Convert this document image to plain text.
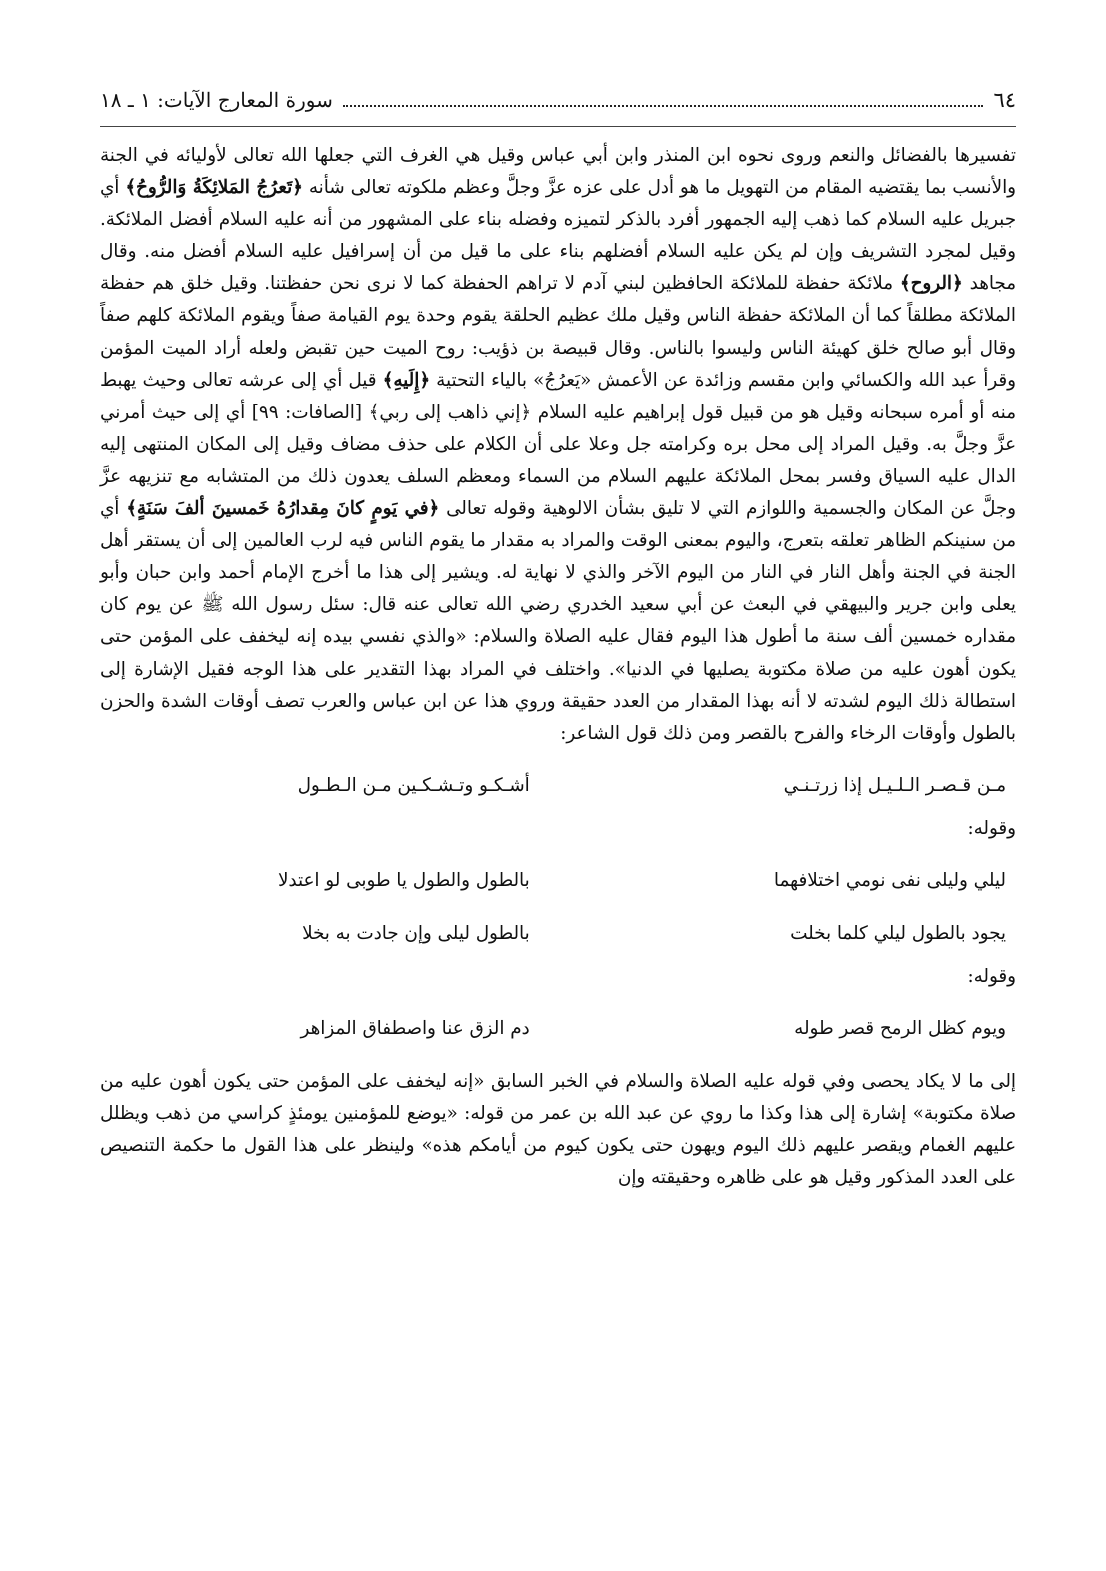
٦٤
سورة المعارج الآيات: ١ ـ ١٨

تفسيرها بالفضائل والنعم وروى نحوه ابن المنذر وابن أبي عباس وقيل هي الغرف التي جعلها الله تعالى لأوليائه في الجنة والأنسب بما يقتضيه المقام من التهويل ما هو أدل على عزه عزَّ وجلَّ وعظم ملكوته تعالى شأنه ﴿تَعرُجُ المَلائِكَةُ وَالرُّوحُ﴾ أي جبريل عليه السلام كما ذهب إليه الجمهور أفرد بالذكر لتميزه وفضله بناء على المشهور من أنه عليه السلام أفضل الملائكة. وقيل لمجرد التشريف وإن لم يكن عليه السلام أفضلهم بناء على ما قيل من أن إسرافيل عليه السلام أفضل منه. وقال مجاهد ﴿الروح﴾ ملائكة حفظة للملائكة الحافظين لبني آدم لا تراهم الحفظة كما لا نرى نحن حفظتنا. وقيل خلق هم حفظة الملائكة مطلقاً كما أن الملائكة حفظة الناس وقيل ملك عظيم الحلقة يقوم وحدة يوم القيامة صفاً ويقوم الملائكة كلهم صفاً وقال أبو صالح خلق كهيئة الناس وليسوا بالناس. وقال قبيصة بن ذؤيب: روح الميت حين تقبض ولعله أراد الميت المؤمن وقرأ عبد الله والكسائي وابن مقسم وزائدة عن الأعمش «يَعرُجُ» بالياء التحتية ﴿إِلَيهِ﴾ قيل أي إلى عرشه تعالى وحيث يهبط منه أو أمره سبحانه وقيل هو من قبيل قول إبراهيم عليه السلام ﴿إني ذاهب إلى ربي﴾ [الصافات: ٩٩] أي إلى حيث أمرني عزَّ وجلَّ به. وقيل المراد إلى محل بره وكرامته جل وعلا على أن الكلام على حذف مضاف وقيل إلى المكان المنتهى إليه الدال عليه السياق وفسر بمحل الملائكة عليهم السلام من السماء ومعظم السلف يعدون ذلك من المتشابه مع تنزيهه عزَّ وجلَّ عن المكان والجسمية واللوازم التي لا تليق بشأن الالوهية وقوله تعالى ﴿في يَومٍ كانَ مِقدارُهُ خَمسينَ ألفَ سَنَةٍ﴾ أي من سنينكم الظاهر تعلقه بتعرج، واليوم بمعنى الوقت والمراد به مقدار ما يقوم الناس فيه لرب العالمين إلى أن يستقر أهل الجنة في الجنة وأهل النار في النار من اليوم الآخر والذي لا نهاية له. ويشير إلى هذا ما أخرج الإمام أحمد وابن حبان وأبو يعلى وابن جرير والبيهقي في البعث عن أبي سعيد الخدري رضي الله تعالى عنه قال: سئل رسول الله ﷺ عن يوم كان مقداره خمسين ألف سنة ما أطول هذا اليوم فقال عليه الصلاة والسلام: «والذي نفسي بيده إنه ليخفف على المؤمن حتى يكون أهون عليه من صلاة مكتوبة يصليها في الدنيا». واختلف في المراد بهذا التقدير على هذا الوجه فقيل الإشارة إلى استطالة ذلك اليوم لشدته لا أنه بهذا المقدار من العدد حقيقة وروي هذا عن ابن عباس والعرب تصف أوقات الشدة والحزن بالطول وأوقات الرخاء والفرح بالقصر ومن ذلك قول الشاعر:

مـن قـصـر الـلـيـل إذا زرتـنـي
أشـكـو وتـشـكـين مـن الـطـول

وقوله:

ليلي وليلى نفى نومي اختلافهما
بالطول والطول يا طوبى لو اعتدلا
يجود بالطول ليلي كلما بخلت
بالطول ليلى وإن جادت به بخلا

وقوله:

ويوم كظل الرمح قصر طوله
دم الزق عنا واصطفاق المزاهر

إلى ما لا يكاد يحصى وفي قوله عليه الصلاة والسلام في الخبر السابق «إنه ليخفف على المؤمن حتى يكون أهون عليه من صلاة مكتوبة» إشارة إلى هذا وكذا ما روي عن عبد الله بن عمر من قوله: «يوضع للمؤمنين يومئذٍ كراسي من ذهب ويظلل عليهم الغمام ويقصر عليهم ذلك اليوم ويهون حتى يكون كيوم من أيامكم هذه» ولينظر على هذا القول ما حكمة التنصيص على العدد المذكور وقيل هو على ظاهره وحقيقته وإن
